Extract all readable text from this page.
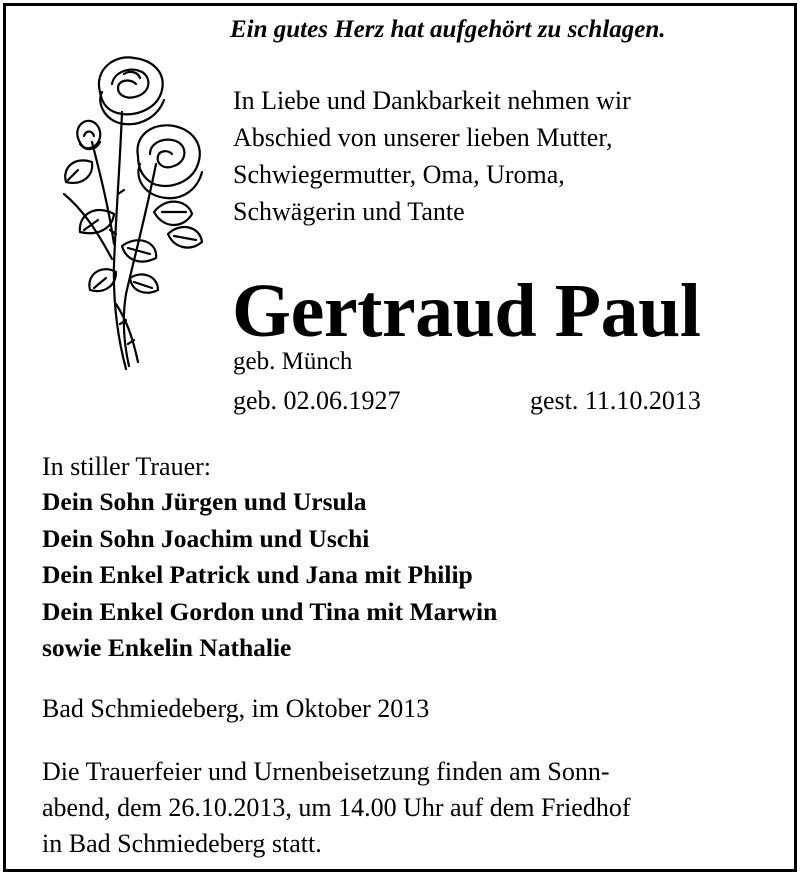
Ein gutes Herz hat aufgehört zu schlagen.
In Liebe und Dankbarkeit nehmen wir
Abschied von unserer lieben Mutter,
Schwiegermutter, Oma, Uroma,
Schwägerin und Tante
Gertraud Paul
geb. Münch
geb. 02.06.1927	gest. 11.10.2013
In stiller Trauer:
Dein Sohn Jürgen und Ursula
Dein Sohn Joachim und Uschi
Dein Enkel Patrick und Jana mit Philip
Dein Enkel Gordon und Tina mit Marwin
sowie Enkelin Nathalie
Bad Schmiedeberg, im Oktober 2013
Die Trauerfeier und Urnenbeisetzung finden am Sonn-
abend, dem 26.10.2013, um 14.00 Uhr auf dem Friedhof
in Bad Schmiedeberg statt.
